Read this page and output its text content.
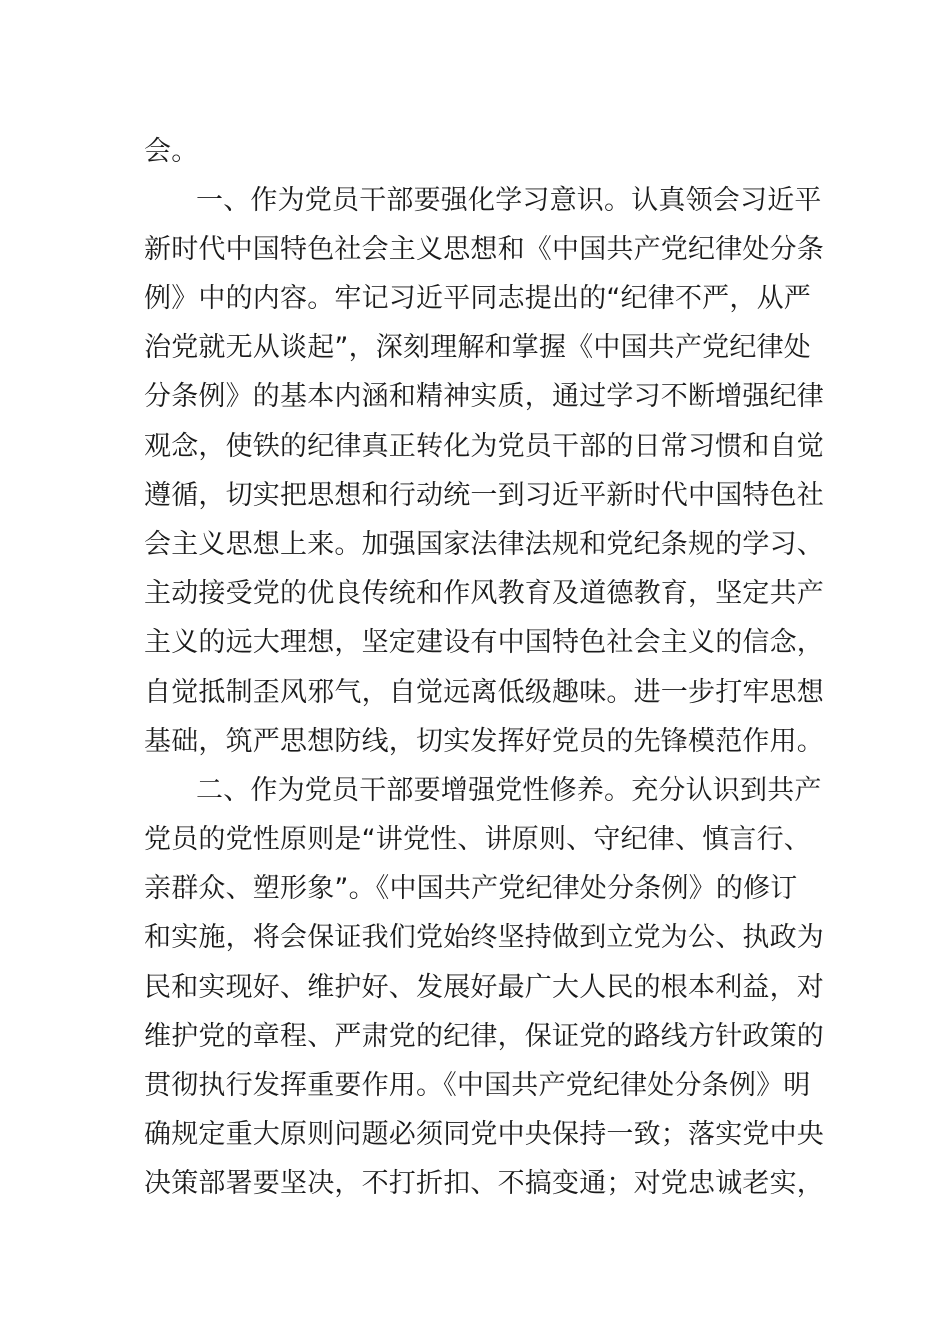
会。
一、作为党员干部要强化学习意识。认真领会习近平
新时代中国特色社会主义思想和《中国共产党纪律处分条
例》中的内容。牢记习近平同志提出的“纪律不严，从严
治党就无从谈起”，深刻理解和掌握《中国共产党纪律处
分条例》的基本内涵和精神实质，通过学习不断增强纪律
观念，使铁的纪律真正转化为党员干部的日常习惯和自觉
遵循，切实把思想和行动统一到习近平新时代中国特色社
会主义思想上来。加强国家法律法规和党纪条规的学习、
主动接受党的优良传统和作风教育及道德教育，坚定共产
主义的远大理想，坚定建设有中国特色社会主义的信念，
自觉抵制歪风邪气，自觉远离低级趣味。进一步打牢思想
基础，筑严思想防线，切实发挥好党员的先锋模范作用。
二、作为党员干部要增强党性修养。充分认识到共产
党员的党性原则是“讲党性、讲原则、守纪律、慎言行、
亲群众、塑形象”。《中国共产党纪律处分条例》的修订
和实施，将会保证我们党始终坚持做到立党为公、执政为
民和实现好、维护好、发展好最广大人民的根本利益，对
维护党的章程、严肃党的纪律，保证党的路线方针政策的
贯彻执行发挥重要作用。《中国共产党纪律处分条例》明
确规定重大原则问题必须同党中央保持一致；落实党中央
决策部署要坚决，不打折扣、不搞变通；对党忠诚老实，
